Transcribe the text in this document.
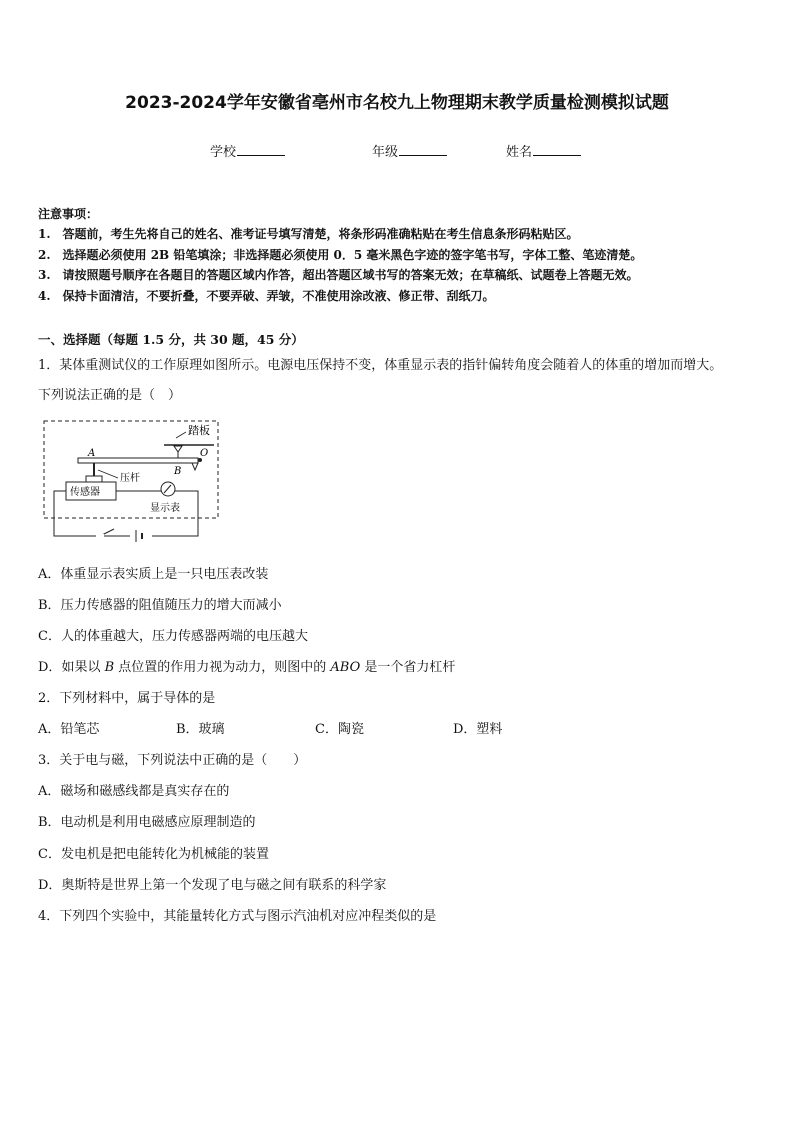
2023-2024学年安徽省亳州市名校九上物理期末教学质量检测模拟试题
学校	年级	姓名
注意事项：
1.　答题前，考生先将自己的姓名、准考证号填写清楚，将条形码准确粘贴在考生信息条形码粘贴区。
2.　选择题必须使用 2B 铅笔填涂；非选择题必须使用 0．5 毫米黑色字迹的签字笔书写，字体工整、笔迹清楚。
3.　请按照题号顺序在各题目的答题区域内作答，超出答题区域书写的答案无效；在草稿纸、试题卷上答题无效。
4.　保持卡面清洁，不要折叠，不要弄破、弄皱，不准使用涂改液、修正带、刮纸刀。
一、选择题（每题 1.5 分，共 30 题，45 分）
1．某体重测试仪的工作原理如图所示。电源电压保持不变，体重显示表的指针偏转角度会随着人的体重的增加而增大。
下列说法正确的是（　）
踏板
A
B
O
压杆
传感器
显示表
A．体重显示表实质上是一只电压表改装
B．压力传感器的阻值随压力的增大而减小
C．人的体重越大，压力传感器两端的电压越大
D．如果以 B 点位置的作用力视为动力，则图中的 ABO 是一个省力杠杆
2．下列材料中，属于导体的是
A．铅笔芯	B．玻璃	C．陶瓷	D．塑料
3．关于电与磁，下列说法中正确的是（　　）
A．磁场和磁感线都是真实存在的
B．电动机是利用电磁感应原理制造的
C．发电机是把电能转化为机械能的装置
D．奥斯特是世界上第一个发现了电与磁之间有联系的科学家
4．下列四个实验中，其能量转化方式与图示汽油机对应冲程类似的是
